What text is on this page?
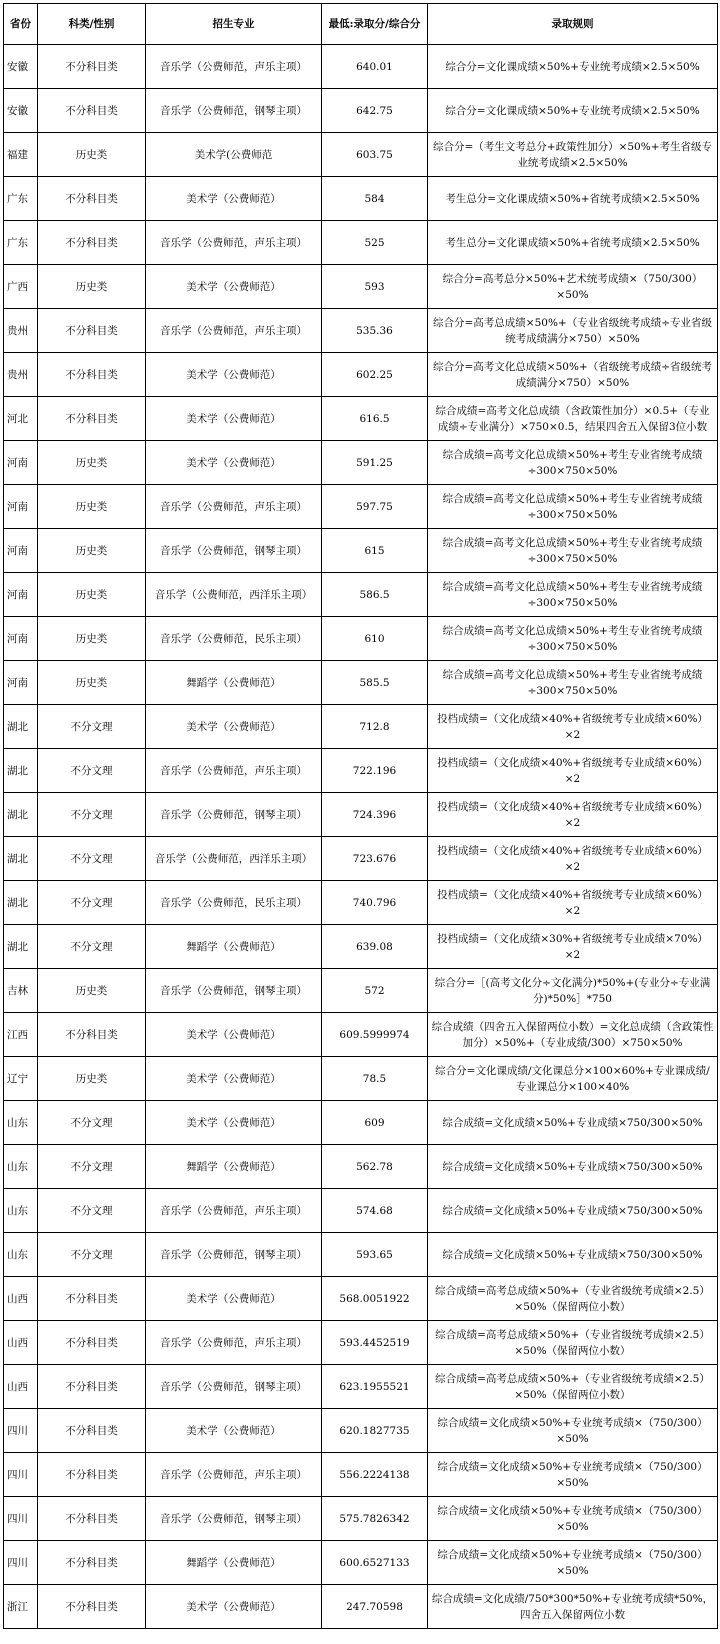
省份	科类/性别	招生专业	最低:录取分/综合分	录取规则
安徽	不分科目类	音乐学（公费师范，声乐主项）	640.01	综合分=文化课成绩×50%+专业统考成绩×2.5×50%
安徽	不分科目类	音乐学（公费师范，钢琴主项）	642.75	综合分=文化课成绩×50%+专业统考成绩×2.5×50%
福建	历史类	美术学(公费师范	603.75	综合分=（考生文考总分+政策性加分）×50%+考生省级专业统考成绩×2.5×50%
广东	不分科目类	美术学（公费师范）	584	考生总分=文化课成绩×50%+省统考成绩×2.5×50%
广东	不分科目类	音乐学（公费师范，声乐主项）	525	考生总分=文化课成绩×50%+省统考成绩×2.5×50%
广西	历史类	美术学（公费师范）	593	综合分=高考总分×50%+艺术统考成绩×（750/300）×50%
贵州	不分科目类	音乐学（公费师范，声乐主项）	535.36	综合分=高考总成绩×50%+（专业省级统考成绩÷专业省级统考成绩满分×750）×50%
贵州	不分科目类	美术学（公费师范）	602.25	综合分=高考文化总成绩×50%+（省级统考成绩÷省级统考成绩满分×750）×50%
河北	不分科目类	美术学（公费师范）	616.5	综合成绩=高考文化总成绩（含政策性加分）×0.5+（专业成绩÷专业满分）×750×0.5，结果四舍五入保留3位小数
河南	历史类	美术学（公费师范）	591.25	综合成绩=高考文化总成绩×50%+考生专业省统考成绩÷300×750×50%
河南	历史类	音乐学（公费师范，声乐主项）	597.75	综合成绩=高考文化总成绩×50%+考生专业省统考成绩÷300×750×50%
河南	历史类	音乐学（公费师范，钢琴主项）	615	综合成绩=高考文化总成绩×50%+考生专业省统考成绩÷300×750×50%
河南	历史类	音乐学（公费师范，西洋乐主项）	586.5	综合成绩=高考文化总成绩×50%+考生专业省统考成绩÷300×750×50%
河南	历史类	音乐学（公费师范，民乐主项）	610	综合成绩=高考文化总成绩×50%+考生专业省统考成绩÷300×750×50%
河南	历史类	舞蹈学（公费师范）	585.5	综合成绩=高考文化总成绩×50%+考生专业省统考成绩÷300×750×50%
湖北	不分文理	美术学（公费师范）	712.8	投档成绩=（文化成绩×40%+省级统考专业成绩×60%）×2
湖北	不分文理	音乐学（公费师范，声乐主项）	722.196	投档成绩=（文化成绩×40%+省级统考专业成绩×60%）×2
湖北	不分文理	音乐学（公费师范，钢琴主项）	724.396	投档成绩=（文化成绩×40%+省级统考专业成绩×60%）×2
湖北	不分文理	音乐学（公费师范，西洋乐主项）	723.676	投档成绩=（文化成绩×40%+省级统考专业成绩×60%）×2
湖北	不分文理	音乐学（公费师范，民乐主项）	740.796	投档成绩=（文化成绩×40%+省级统考专业成绩×60%）×2
湖北	不分文理	舞蹈学（公费师范）	639.08	投档成绩=（文化成绩×30%+省级统考专业成绩×70%）×2
吉林	历史类	音乐学（公费师范，钢琴主项）	572	综合分=［(高考文化分÷文化满分)*50%+(专业分÷专业满分)*50%］*750
江西	不分科目类	美术学（公费师范）	609.5999974	综合成绩（四舍五入保留两位小数）=文化总成绩（含政策性加分）×50%+（专业成绩/300）×750×50%
辽宁	历史类	美术学（公费师范）	78.5	综合分=文化课成绩/文化课总分×100×60%+专业课成绩/专业课总分×100×40%
山东	不分文理	美术学（公费师范）	609	综合成绩=文化成绩×50%+专业成绩×750/300×50%
山东	不分文理	舞蹈学（公费师范）	562.78	综合成绩=文化成绩×50%+专业成绩×750/300×50%
山东	不分文理	音乐学（公费师范，声乐主项）	574.68	综合成绩=文化成绩×50%+专业成绩×750/300×50%
山东	不分文理	音乐学（公费师范，钢琴主项）	593.65	综合成绩=文化成绩×50%+专业成绩×750/300×50%
山西	不分科目类	美术学（公费师范）	568.0051922	综合成绩=高考总成绩×50%+（专业省级统考成绩×2.5）×50%（保留两位小数）
山西	不分科目类	音乐学（公费师范，声乐主项）	593.4452519	综合成绩=高考总成绩×50%+（专业省级统考成绩×2.5）×50%（保留两位小数）
山西	不分科目类	音乐学（公费师范，钢琴主项）	623.1955521	综合成绩=高考总成绩×50%+（专业省级统考成绩×2.5）×50%（保留两位小数）
四川	不分科目类	美术学（公费师范）	620.1827735	综合成绩=文化成绩×50%+专业统考成绩×（750/300）×50%
四川	不分科目类	音乐学（公费师范，声乐主项）	556.2224138	综合成绩=文化成绩×50%+专业统考成绩×（750/300）×50%
四川	不分科目类	音乐学（公费师范，钢琴主项）	575.7826342	综合成绩=文化成绩×50%+专业统考成绩×（750/300）×50%
四川	不分科目类	舞蹈学（公费师范）	600.6527133	综合成绩=文化成绩×50%+专业统考成绩×（750/300）×50%
浙江	不分科目类	美术学（公费师范）	247.70598	综合成绩=文化成绩/750*300*50%+专业统考成绩*50%，四舍五入保留两位小数
